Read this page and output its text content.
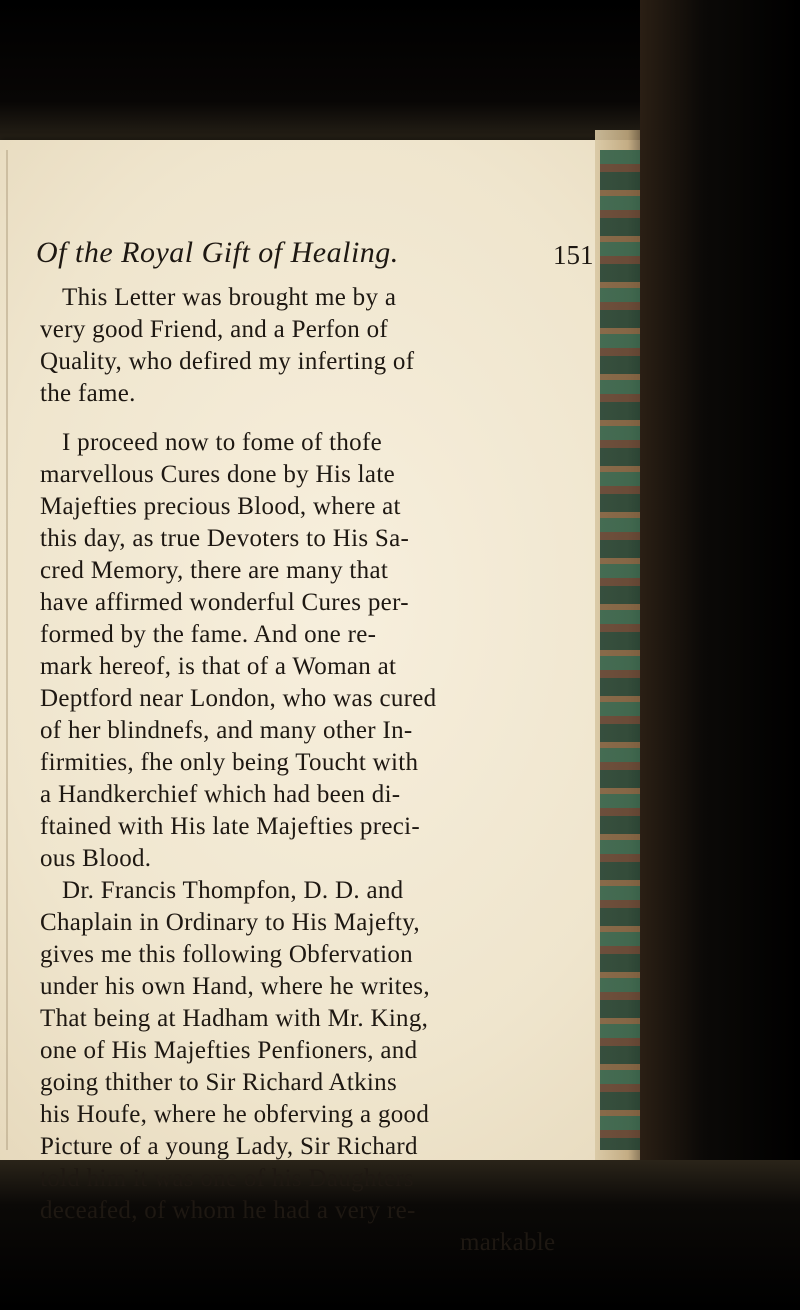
Of the Royal Gift of Healing.	151
This Letter was brought me by a
very good Friend, and a Perfon of
Quality, who defired my inferting of
the fame.
I proceed now to fome of thofe
marvellous Cures done by His late
Majefties precious Blood, where at
this day, as true Devoters to His Sa-
cred Memory, there are many that
have affirmed wonderful Cures per-
formed by the fame. And one re-
mark hereof, is that of a Woman at
Deptford near London, who was cured
of her blindnefs, and many other In-
firmities, fhe only being Toucht with
a Handkerchief which had been di-
ftained with His late Majefties preci-
ous Blood.
Dr. Francis Thompfon, D. D. and
Chaplain in Ordinary to His Majefty,
gives me this following Obfervation
under his own Hand, where he writes,
That being at Hadham with Mr. King,
one of His Majefties Penfioners, and
going thither to Sir Richard Atkins
his Houfe, where he obferving a good
Picture of a young Lady, Sir Richard
told him it was one of his Daughters
deceafed, of whom he had a very re-
markable
